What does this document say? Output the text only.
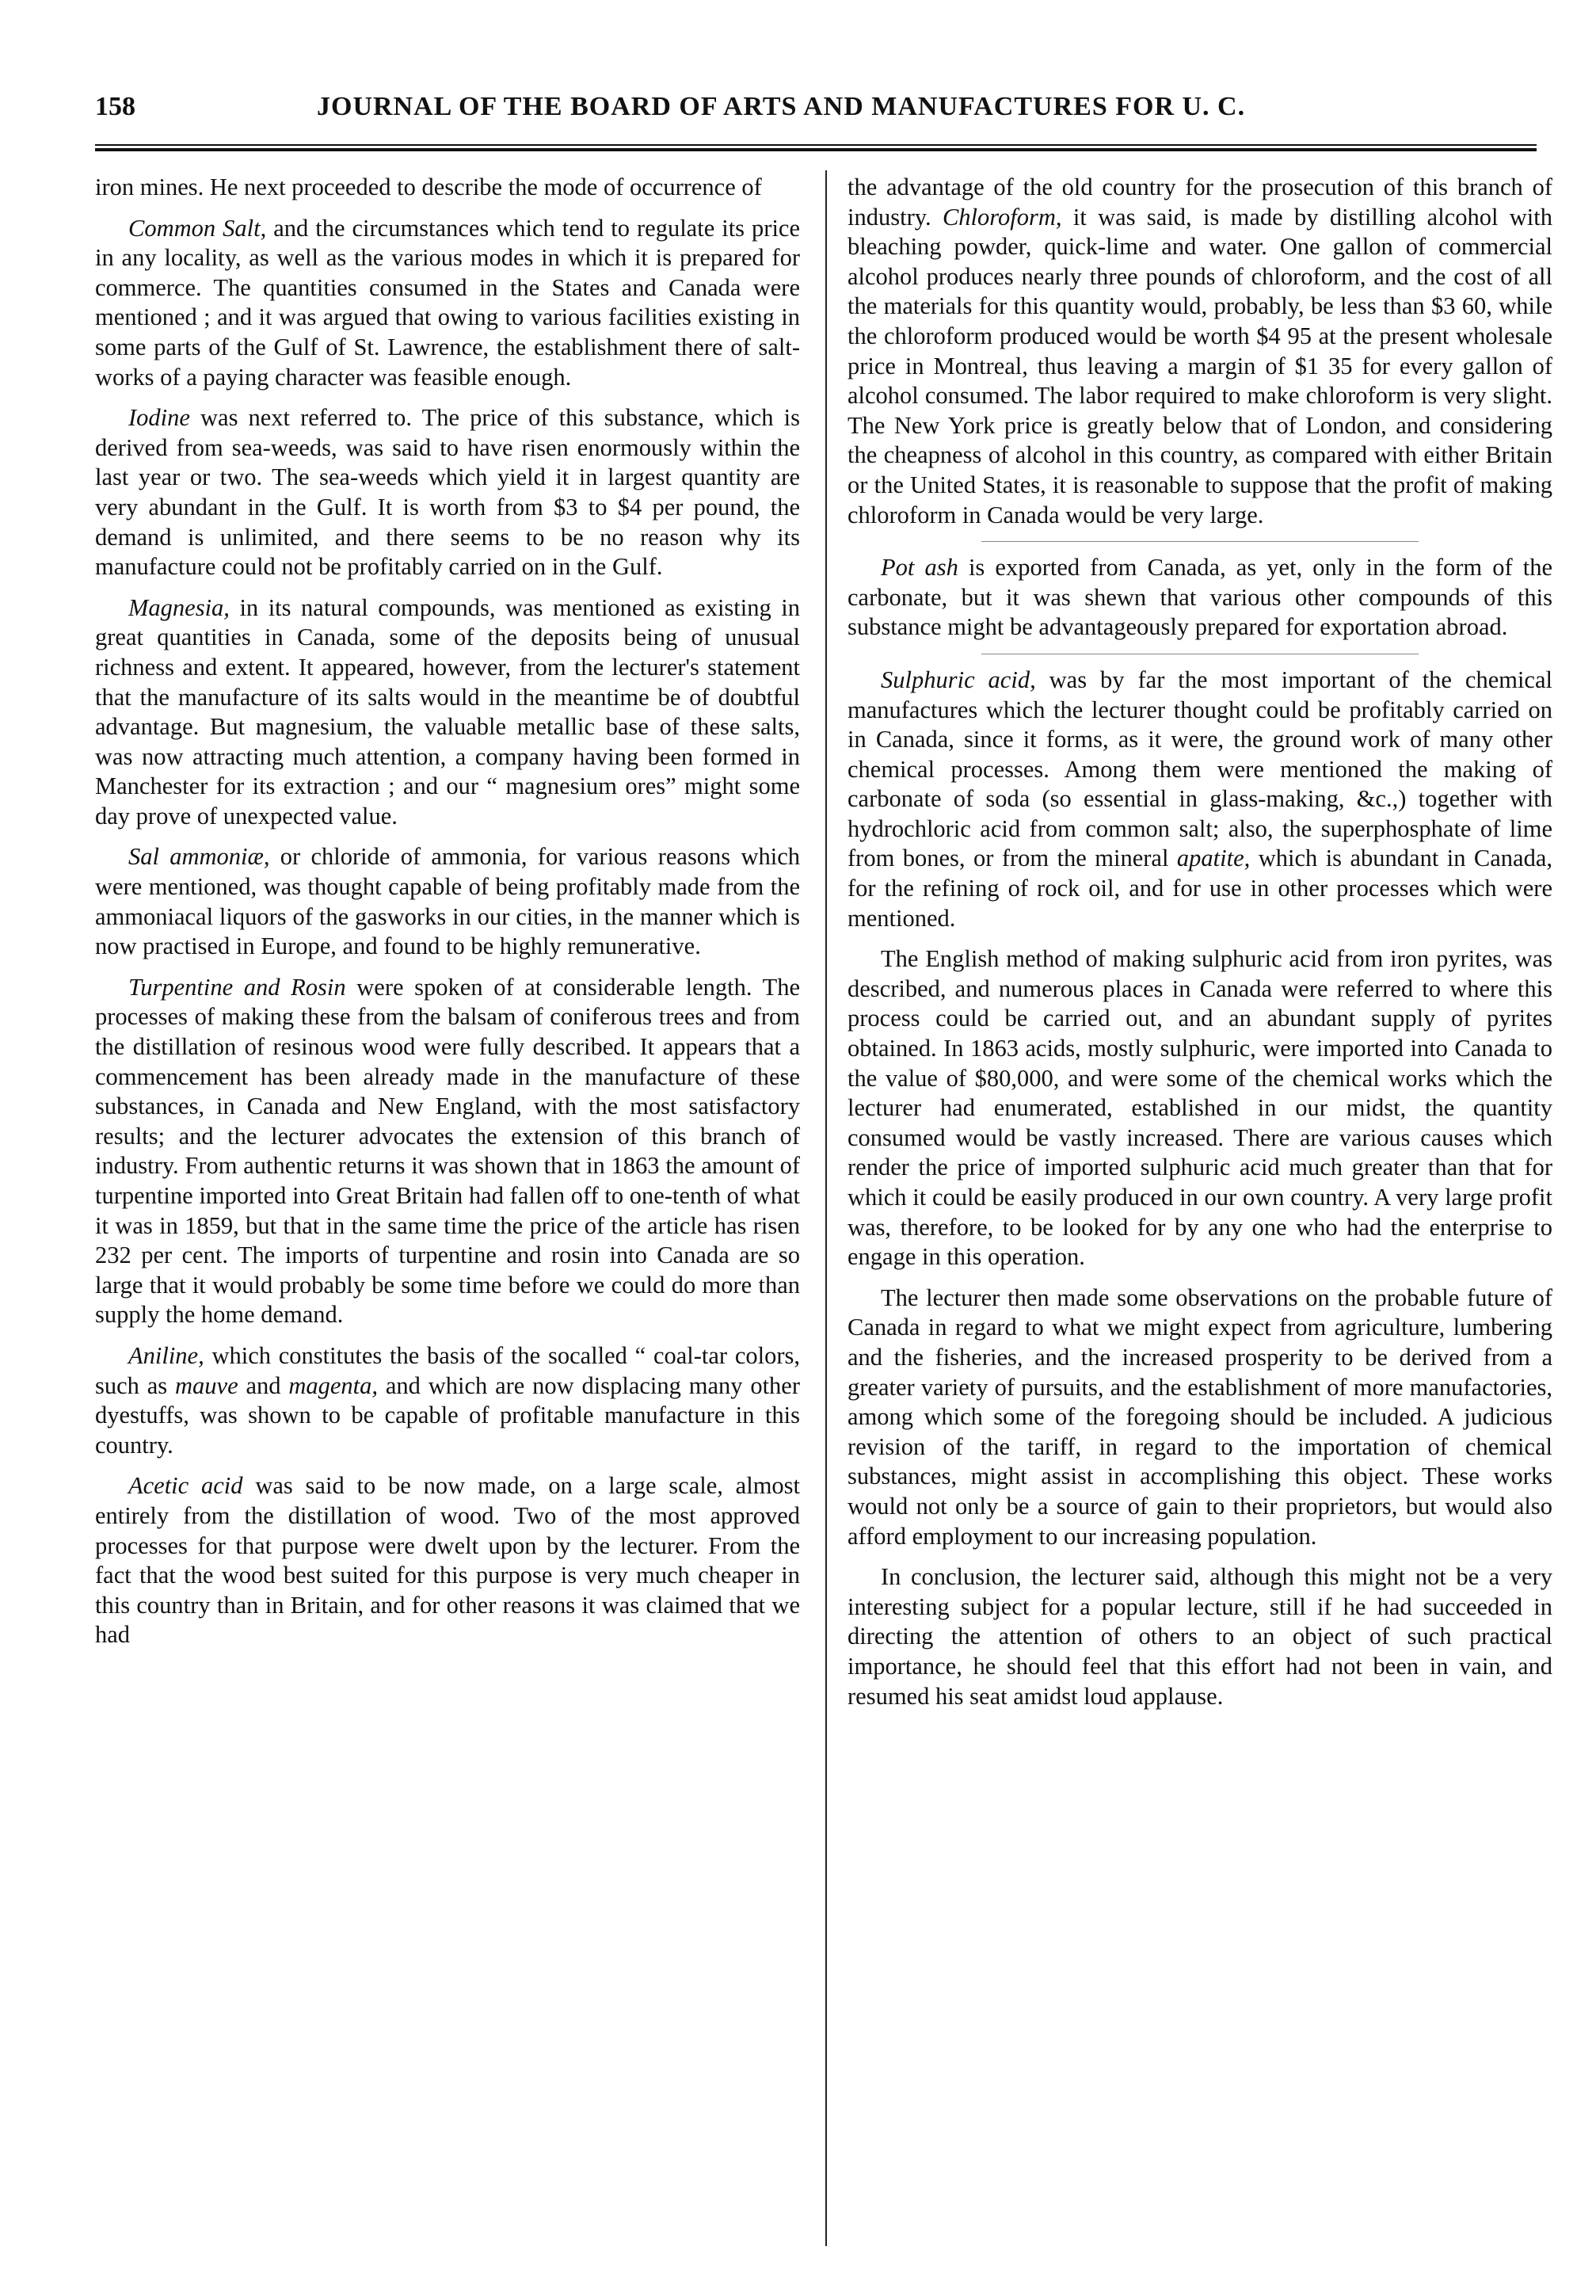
158	JOURNAL OF THE BOARD OF ARTS AND MANUFACTURES FOR U. C.

iron mines. He next proceeded to describe the mode of occurrence of

Common Salt, and the circumstances which tend to regulate its price in any locality, as well as the various modes in which it is prepared for commerce. The quantities consumed in the States and Canada were mentioned ; and it was argued that owing to various facilities existing in some parts of the Gulf of St. Lawrence, the establishment there of salt-works of a paying character was feasible enough.

Iodine was next referred to. The price of this substance, which is derived from sea-weeds, was said to have risen enormously within the last year or two. The sea-weeds which yield it in largest quantity are very abundant in the Gulf. It is worth from $3 to $4 per pound, the demand is unlimited, and there seems to be no reason why its manufacture could not be profitably carried on in the Gulf.

Magnesia, in its natural compounds, was mentioned as existing in great quantities in Canada, some of the deposits being of unusual richness and extent. It appeared, however, from the lecturer's statement that the manufacture of its salts would in the meantime be of doubtful advantage. But magnesium, the valuable metallic base of these salts, was now attracting much attention, a company having been formed in Manchester for its extraction ; and our “ magnesium ores” might some day prove of unexpected value.

Sal ammoniæ, or chloride of ammonia, for various reasons which were mentioned, was thought capable of being profitably made from the ammoniacal liquors of the gasworks in our cities, in the manner which is now practised in Europe, and found to be highly remunerative.

Turpentine and Rosin were spoken of at considerable length. The processes of making these from the balsam of coniferous trees and from the distillation of resinous wood were fully described. It appears that a commencement has been already made in the manufacture of these substances, in Canada and New England, with the most satisfactory results; and the lecturer advocates the extension of this branch of industry. From authentic returns it was shown that in 1863 the amount of turpentine imported into Great Britain had fallen off to one-tenth of what it was in 1859, but that in the same time the price of the article has risen 232 per cent. The imports of turpentine and rosin into Canada are so large that it would probably be some time before we could do more than supply the home demand.

Aniline, which constitutes the basis of the socalled “ coal-tar colors, such as mauve and magenta, and which are now displacing many other dyestuffs, was shown to be capable of profitable manufacture in this country.

Acetic acid was said to be now made, on a large scale, almost entirely from the distillation of wood. Two of the most approved processes for that purpose were dwelt upon by the lecturer. From the fact that the wood best suited for this purpose is very much cheaper in this country than in Britain, and for other reasons it was claimed that we had

the advantage of the old country for the prosecution of this branch of industry. Chloroform, it was said, is made by distilling alcohol with bleaching powder, quick-lime and water. One gallon of commercial alcohol produces nearly three pounds of chloroform, and the cost of all the materials for this quantity would, probably, be less than $3 60, while the chloroform produced would be worth $4 95 at the present wholesale price in Montreal, thus leaving a margin of $1 35 for every gallon of alcohol consumed. The labor required to make chloroform is very slight. The New York price is greatly below that of London, and considering the cheapness of alcohol in this country, as compared with either Britain or the United States, it is reasonable to suppose that the profit of making chloroform in Canada would be very large.

Pot ash is exported from Canada, as yet, only in the form of the carbonate, but it was shewn that various other compounds of this substance might be advantageously prepared for exportation abroad.

Sulphuric acid, was by far the most important of the chemical manufactures which the lecturer thought could be profitably carried on in Canada, since it forms, as it were, the ground work of many other chemical processes. Among them were mentioned the making of carbonate of soda (so essential in glass-making, &c.,) together with hydrochloric acid from common salt; also, the superphosphate of lime from bones, or from the mineral apatite, which is abundant in Canada, for the refining of rock oil, and for use in other processes which were mentioned.

The English method of making sulphuric acid from iron pyrites, was described, and numerous places in Canada were referred to where this process could be carried out, and an abundant supply of pyrites obtained. In 1863 acids, mostly sulphuric, were imported into Canada to the value of $80,000, and were some of the chemical works which the lecturer had enumerated, established in our midst, the quantity consumed would be vastly increased. There are various causes which render the price of imported sulphuric acid much greater than that for which it could be easily produced in our own country. A very large profit was, therefore, to be looked for by any one who had the enterprise to engage in this operation.

The lecturer then made some observations on the probable future of Canada in regard to what we might expect from agriculture, lumbering and the fisheries, and the increased prosperity to be derived from a greater variety of pursuits, and the establishment of more manufactories, among which some of the foregoing should be included. A judicious revision of the tariff, in regard to the importation of chemical substances, might assist in accomplishing this object. These works would not only be a source of gain to their proprietors, but would also afford employment to our increasing population.

In conclusion, the lecturer said, although this might not be a very interesting subject for a popular lecture, still if he had succeeded in directing the attention of others to an object of such practical importance, he should feel that this effort had not been in vain, and resumed his seat amidst loud applause.
